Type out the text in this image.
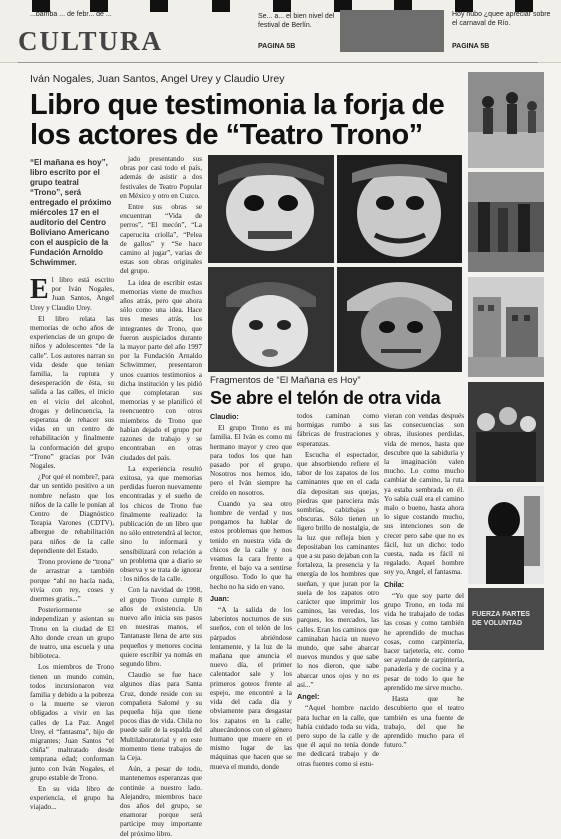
...bamba ... de febr... de ...	Se... a... el bien nivel del festival de Berlín.
PAGINA 5B
Hoy hubo ¿quee apreciar sobre el carnaval de Río.
PAGINA 5B
CULTURA
Iván Nogales, Juan Santos, Angel Urey y Claudio Urey
Libro que testimonia la forja de los actores de “Teatro Trono”
“El mañana es hoy”, libro escrito por el grupo teatral “Trono”, será entregado el próximo miércoles 17 en el auditorio del Centro Boliviano Americano con el auspicio de la Fundación Arnoldo Schwimmer.

El libro está escrito por Iván Nogales, Juan Santos, Angel Urey y Claudio Urey.

El libro relata las memorias de ocho años de experiencias de un grupo de niños y adolescentes “de la calle”. Los autores narran su vida desde que tenían familia, la ruptura y desesperación de ésta, su salida a las calles, el inicio en el vicio del alcohol, drogas y delincuencia, la esperanza de rehacer sus vidas en un centro de rehabilitación y finalmente la conformación del grupo “Trono” gracias por Iván Nogales.

¿Por qué el nombre?, para dar un sentido positivo a un nombre nefasto que los niños de la calle le ponían al Centro de Diagnóstico Terapia Varones (CDTV), albergue de rehabilitación para niños de la calle dependiente del Estado.

Trono proviene de “trona” de arrastrar a también porque “ahí no hacía nada, vivía con rey, coses y duermes gratis...”

Posteriormente se independizan y asientan su Trono en la ciudad de El Alto donde crean un grupo de teatro, una escuela y una biblioteca.

Los miembros de Trono tienen un mundo común, todos incursionaron vez familia y debido a la pobreza o la muerte se vieron obligados a vivir en las calles de La Paz. Angel Urey, el “fantasma”, hijo de migrantes; Juan Santos “el chiña” maltratado desde temprana edad; conforman junto con Iván Nogales, el grupo estable de Trono.

En su vida libro de experiencia, el grupo ha viajado...

jado presentando sus obras por casi todo el país, además de asistir a dos festivales de Teatro Popular en México y otro en Cuzco.

Entre sus obras se encuentran “Vida de perros”, “El mecón”, “La caperucita criolla”, “Pelea de gallos” y “Se hace camino al jugar”, varias de estas son obras originales del grupo.

La idea de escribir estas memorias viene de muchos años atrás, pero que ahora sólo como una idea. Hace tres meses atrás, los integrantes de Trono, que fueron auspiciados durante la mayor parte del año 1997 por la Fundación Arnaldo Schwimmer, presentaron unos cuantos testimonios a dicha institución y les pidió que completaran sus memorias y se planificó el reencuentro con otros miembros de Trono que habían dejado el grupo por razones de trabajo y se encontraban en otras ciudades del país.

La experiencia resultó exitosa, ya que memorias perdidas fueron nuevamente encontradas y el sueño de los chicos de Trono fue finalmente realizado: la publicación de un libro que no sólo entretendrá al lector, sino lo informará y sensibilizará con relación a un problema que a diario se observa y se trata de ignorar : los niños de la calle.

Con la navidad de 1998, el grupo Trono cumple 8 años de existencia. Un nuevo año inicia sus pasos en nuestras manos, el Tantanaste llena de arte sus pequeños y menores cocina quiere escribir ya nomás en segundo libro.

Claudio se fue hace algunos días para Santa Cruz, donde reside con su compañera Salomé y su pequeña hija que tiene pocos días de vida. Chila no puede salir de la espalda del Multilaboratorial y en este momento tiene trabajos de la Ceja.

Aún, a pesar de todo, mantenemos esperanzas que continúe a nuestro lado. Alejandro, miembros hace dos años del grupo, se enamorar porque será partícipe muy importante del próximo libro.

Fragmentos de “El Mañana es Hoy”
Se abre el telón de otra vida

Claudio:

El grupo Trono es mi familia. El Iván es como mi hermano mayor y creo que para todos los que han pasado por el grupo. Nosotros nos hemos ido, pero el Iván siempre ha creído en nosotros.

Cuando ya sea otro hombre de verdad y nos pongamos ha hablar de estos problemas que hemos tenido en nuestra vida de chicos de la calle y nos veamos la cara frente a frente, el bajo va a sentirse orgulloso. Todo lo que ha hecho no ha sido en vano.

Juan:

“A la salida de los laberintos nocturnos de sus sueños, con el telón de los párpados abriéndose lentamente, y la luz de la mañana que anuncia el nuevo día, el primer calentador sale y los primeros goteos frente al espejo, me encontré a la vida del cada día y obviamente para desgastar los zapatos en la calle; ahuecándonos con el género humano que muere en el mismo lugar de las máquinas que hacen que se mueva el mundo, donde

todos caminan como hormigas rumbo a sus fábricas de frustraciones y esperanzas.

Escucha el espectador, que absorbiendo refiere el tabor de los zapatos de los caminantes que en el cada día depositan sus quejas, piedras que pareciera más sombrías, cabizbajas y obscuras. Sólo tienen un ligero brillo de nostalgia, de la luz que refleja bien y depositaban los caminantes que a su paso dejaban con la fortaleza, la presencia y la energía de los hombres que sueñan, y que juran por la suela de los zapatos otro carácter que imprimir los caminos, las veredas, los parques, los mercados, las calles. Eran los caminos que caminaban hacia un nuevo mundo, que sabe abarcar nuevos mundos y que sabe lo nos dieron, que sabe abarcar unos ojos y no es así...”

Angel:

“Aquel hombre nacido para luchar en la calle, que había cuidado toda su vida, pero supo de la calle y de que él aquí no tenía donde me dedicará trabajo y de otras fuentes como si estu-

vieran con vendas después las consecuencias son obras, ilusiones perdidas, vida de menos, hasta que descubre que la sabiduría y la imaginación valen mucho. Lo como mucho cambiar de camino, la ruta ya estaba sembrada en él. Yo sabía cuál era el camino malo o bueno, hasta ahora lo sigue costando mucho, sus intenciones son de crecer pero sabe que no es fácil, luz un dicho: todo cuesta, nada es fácil ni regalado. Aquel hombre soy yo, Angel, el fantasma.

Chila:

“Yo que soy parte del grupo Trono, en toda mi vida he trabajado de todas las cosas y como también he aprendido de muchas cosas, como carpintería, hacer tarjetería, etc. como ser ayudante de carpintería, panadería y de cocina y a pesar de todo lo que he aprendido me sirve mucho.

Hasta que he descubierto que el teatro también es una fuente de trabajo, del que he aprendido mucho para el futuro.”

FUERZA PARTES
DE VOLUNTAD
